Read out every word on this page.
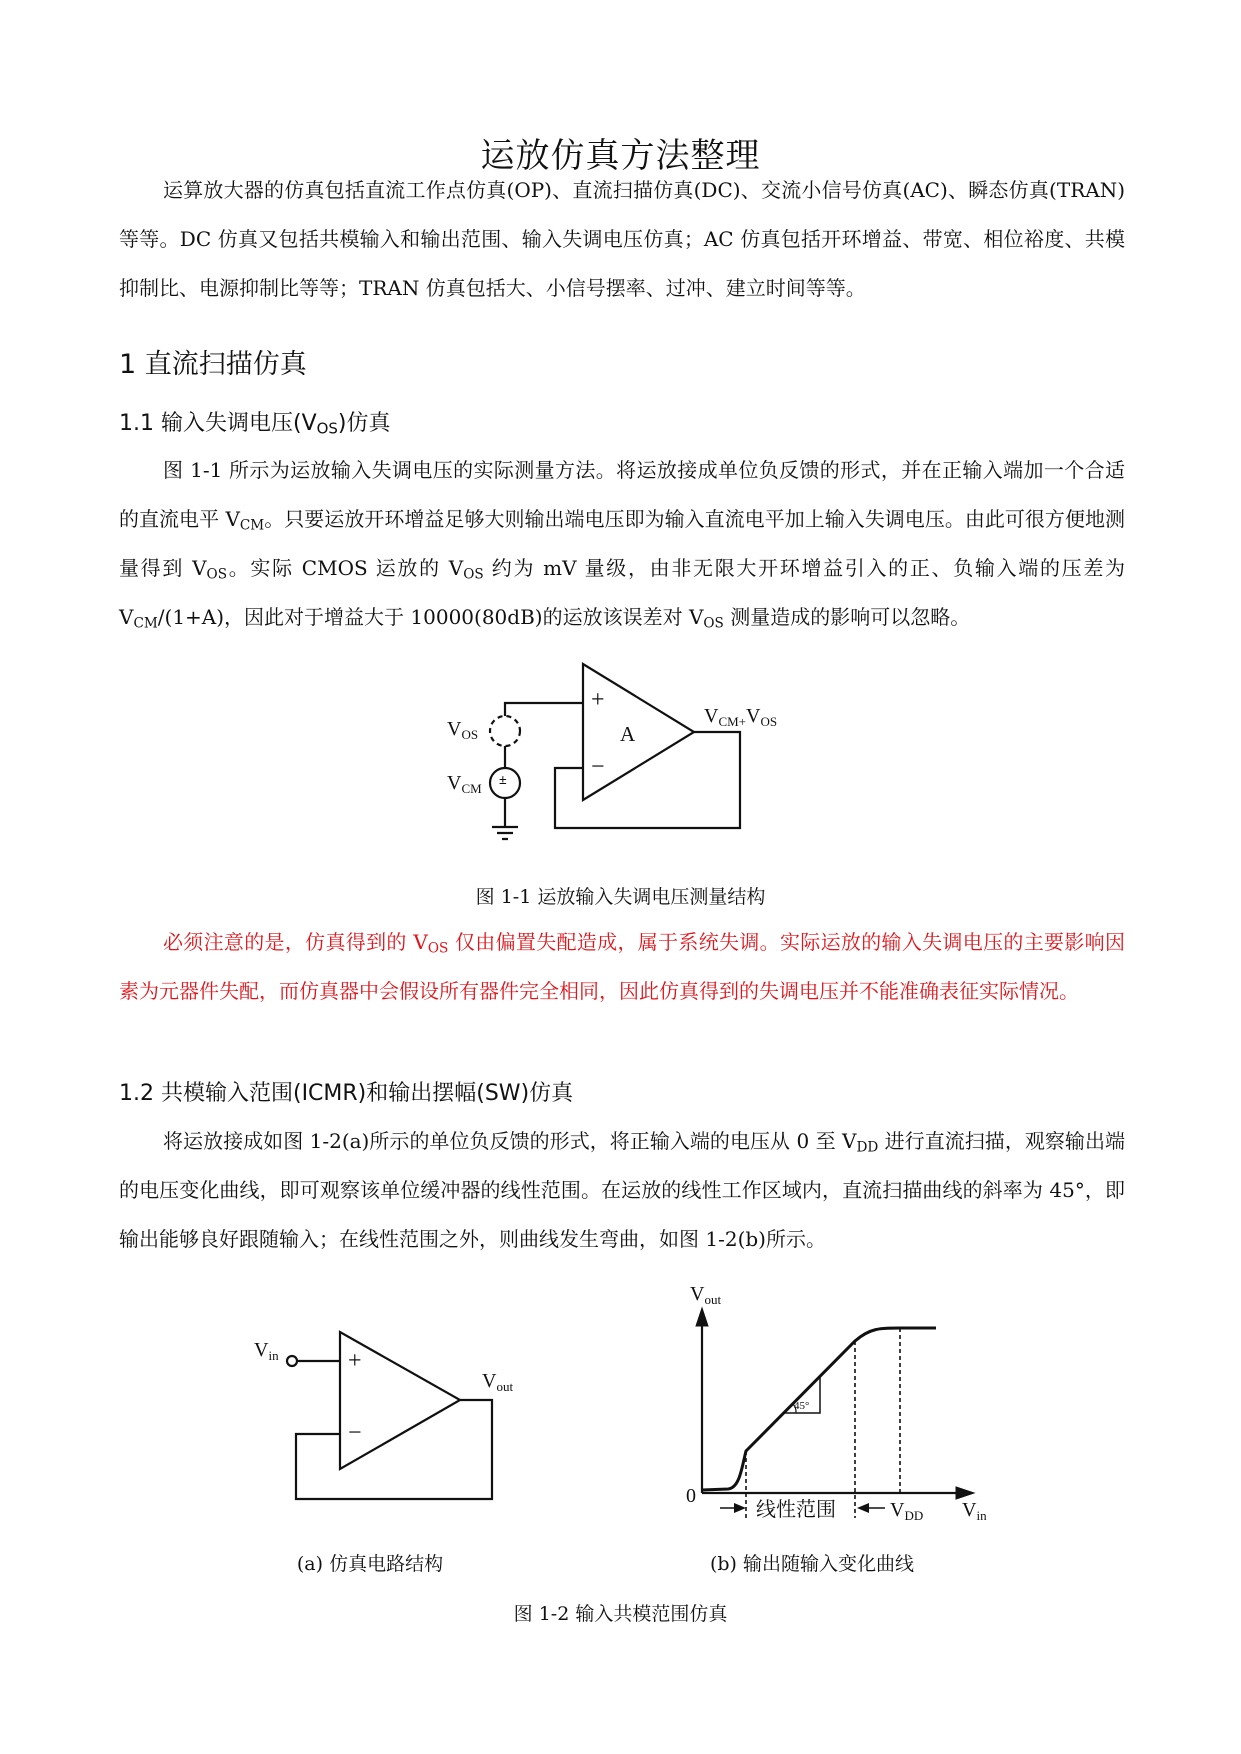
运放仿真方法整理
运算放大器的仿真包括直流工作点仿真(OP)、直流扫描仿真(DC)、交流小信号仿真(AC)、瞬态仿真(TRAN)等等。DC 仿真又包括共模输入和输出范围、输入失调电压仿真；AC 仿真包括开环增益、带宽、相位裕度、共模抑制比、电源抑制比等等；TRAN 仿真包括大、小信号摆率、过冲、建立时间等等。
1 直流扫描仿真
1.1 输入失调电压$(V_{OS})$仿真
图 1-1 所示为运放输入失调电压的实际测量方法。将运放接成单位负反馈的形式，并在正输入端加一个合适的直流电平 $V_{CM}$。只要运放开环增益足够大则输出端电压即为输入直流电平加上输入失调电压。由此可很方便地测量得到 $V_{OS}$。实际 CMOS 运放的 $V_{OS}$ 约为 mV 量级，由非无限大开环增益引入的正、负输入端的压差为 $V_{CM}/(1+A)$，因此对于增益大于 10000(80dB)的运放该误差对 $V_{OS}$ 测量造成的影响可以忽略。
+
−
A
±
$V_{OS}$
$V_{CM}$
$V_{CM+}V_{OS}$
图 1-1 运放输入失调电压测量结构
必须注意的是，仿真得到的 $V_{OS}$ 仅由偏置失配造成，属于系统失调。实际运放的输入失调电压的主要影响因素为元器件失配，而仿真器中会假设所有器件完全相同，因此仿真得到的失调电压并不能准确表征实际情况。
1.2 共模输入范围(ICMR)和输出摆幅(SW)仿真
将运放接成如图 1-2(a)所示的单位负反馈的形式，将正输入端的电压从 0 至 $V_{DD}$ 进行直流扫描，观察输出端的电压变化曲线，即可观察该单位缓冲器的线性范围。在运放的线性工作区域内，直流扫描曲线的斜率为 45°，即输出能够良好跟随输入；在线性范围之外，则曲线发生弯曲，如图 1-2(b)所示。
+
−
$V_{in}$
$V_{out}$
$V_{out}$
0
$V_{in}$
45°
线性范围	$V_{DD}$
(a) 仿真电路结构	(b) 输出随输入变化曲线
图 1-2 输入共模范围仿真
